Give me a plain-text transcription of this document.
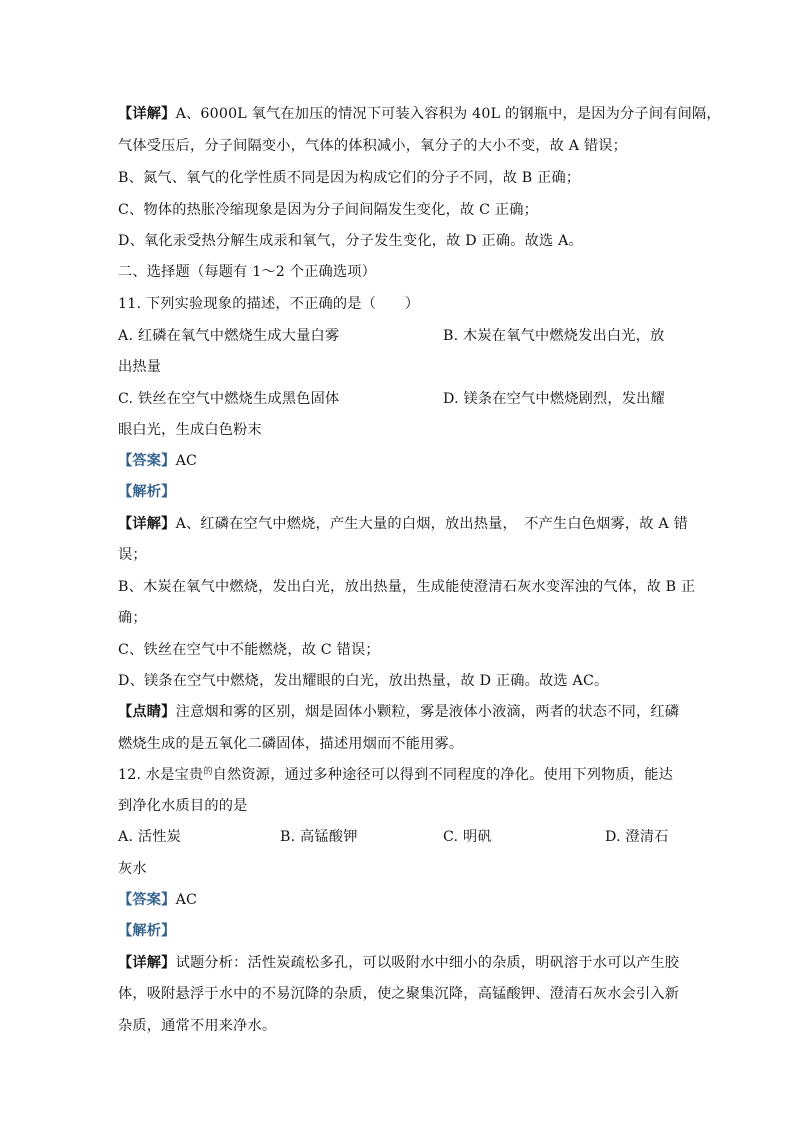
【详解】A、6000L 氧气在加压的情况下可装入容积为 40L 的钢瓶中，是因为分子间有间隔，
气体受压后，分子间隔变小，气体的体积减小，氧分子的大小不变，故 A 错误；
B、氮气、氧气的化学性质不同是因为构成它们的分子不同，故 B 正确；
C、物体的热胀冷缩现象是因为分子间间隔发生变化，故 C 正确；
D、氧化汞受热分解生成汞和氧气，分子发生变化，故 D 正确。故选 A。
二、选择题（每题有 1～2 个正确选项）
11. 下列实验现象的描述，不正确的是（　　）
A. 红磷在氧气中燃烧生成大量白雾	B. 木炭在氧气中燃烧发出白光，放
出热量
C. 铁丝在空气中燃烧生成黑色固体	D. 镁条在空气中燃烧剧烈，发出耀
眼白光，生成白色粉末
【答案】AC
【解析】
【详解】A、红磷在空气中燃烧，产生大量的白烟，放出热量，　不产生白色烟雾，故 A 错
误；
B、木炭在氧气中燃烧，发出白光，放出热量，生成能使澄清石灰水变浑浊的气体，故 B 正
确；
C、铁丝在空气中不能燃烧，故 C 错误；
D、镁条在空气中燃烧，发出耀眼的白光，放出热量，故 D 正确。故选 AC。
【点睛】注意烟和雾的区别，烟是固体小颗粒，雾是液体小液滴，两者的状态不同，红磷
燃烧生成的是五氧化二磷固体，描述用烟而不能用雾。
12. 水是宝贵$^的$自然资源，通过多种途径可以得到不同程度的净化。使用下列物质，能达
到净化水质目的的是
A. 活性炭	B. 高锰酸钾	C. 明矾	D. 澄清石
灰水
【答案】AC
【解析】
【详解】试题分析：活性炭疏松多孔，可以吸附水中细小的杂质，明矾溶于水可以产生胶
体，吸附悬浮于水中的不易沉降的杂质，使之聚集沉降，高锰酸钾、澄清石灰水会引入新
杂质，通常不用来净水。
